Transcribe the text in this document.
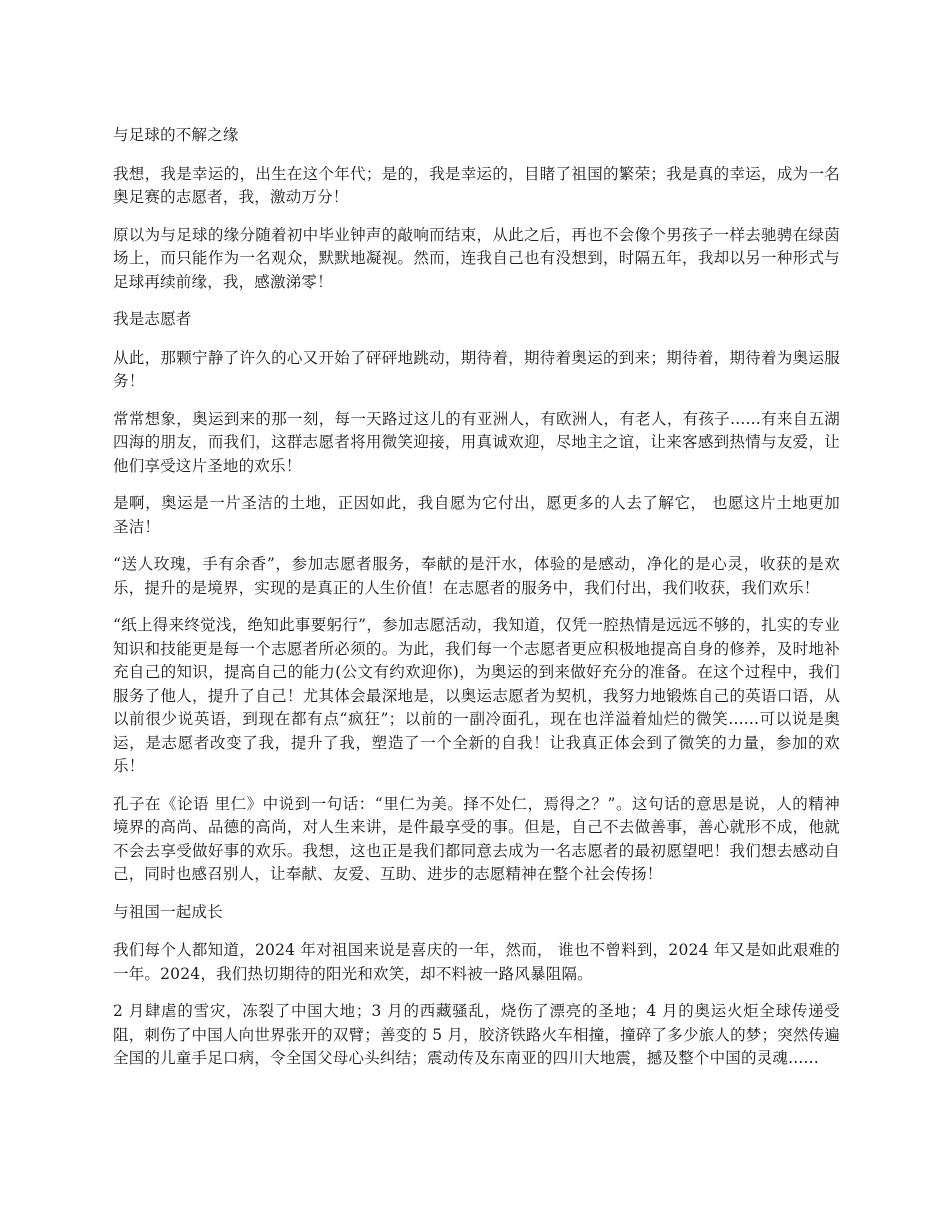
与足球的不解之缘

我想，我是幸运的，出生在这个年代；是的，我是幸运的，目睹了祖国的繁荣；我是真的幸运，成为一名奥足赛的志愿者，我，激动万分！

原以为与足球的缘分随着初中毕业钟声的敲响而结束，从此之后，再也不会像个男孩子一样去驰骋在绿茵场上，而只能作为一名观众，默默地凝视。然而，连我自己也有没想到，时隔五年，我却以另一种形式与足球再续前缘，我，感激涕零！

我是志愿者

从此，那颗宁静了许久的心又开始了砰砰地跳动，期待着，期待着奥运的到来；期待着，期待着为奥运服务！

常常想象，奥运到来的那一刻，每一天路过这儿的有亚洲人，有欧洲人，有老人，有孩子......有来自五湖四海的朋友，而我们，这群志愿者将用微笑迎接，用真诚欢迎，尽地主之谊，让来客感到热情与友爱，让他们享受这片圣地的欢乐！

是啊，奥运是一片圣洁的土地，正因如此，我自愿为它付出，愿更多的人去了解它， 也愿这片土地更加圣洁！

“送人玫瑰，手有余香”，参加志愿者服务，奉献的是汗水，体验的是感动，净化的是心灵，收获的是欢乐，提升的是境界，实现的是真正的人生价值！在志愿者的服务中，我们付出，我们收获，我们欢乐！

“纸上得来终觉浅，绝知此事要躬行”，参加志愿活动，我知道，仅凭一腔热情是远远不够的，扎实的专业知识和技能更是每一个志愿者所必须的。为此，我们每一个志愿者更应积极地提高自身的修养，及时地补充自己的知识，提高自己的能力(公文有约欢迎你)，为奥运的到来做好充分的准备。在这个过程中，我们服务了他人，提升了自己！尤其体会最深地是，以奥运志愿者为契机，我努力地锻炼自己的英语口语，从以前很少说英语，到现在都有点“疯狂”；以前的一副冷面孔，现在也洋溢着灿烂的微笑......可以说是奥运，是志愿者改变了我，提升了我，塑造了一个全新的自我！让我真正体会到了微笑的力量，参加的欢乐！

孔子在《论语 里仁》中说到一句话：“里仁为美。择不处仁，焉得之？”。这句话的意思是说，人的精神境界的高尚、品德的高尚，对人生来讲，是件最享受的事。但是，自己不去做善事，善心就形不成，他就不会去享受做好事的欢乐。我想，这也正是我们都同意去成为一名志愿者的最初愿望吧！我们想去感动自己，同时也感召别人，让奉献、友爱、互助、进步的志愿精神在整个社会传扬！

与祖国一起成长

我们每个人都知道，2024 年对祖国来说是喜庆的一年，然而， 谁也不曾料到，2024 年又是如此艰难的一年。2024，我们热切期待的阳光和欢笑，却不料被一路风暴阻隔。

2 月肆虐的雪灾，冻裂了中国大地；3 月的西藏骚乱，烧伤了漂亮的圣地；4 月的奥运火炬全球传递受阻，刺伤了中国人向世界张开的双臂；善变的 5 月，胶济铁路火车相撞，撞碎了多少旅人的梦；突然传遍全国的儿童手足口病，令全国父母心头纠结；震动传及东南亚的四川大地震，撼及整个中国的灵魂......
